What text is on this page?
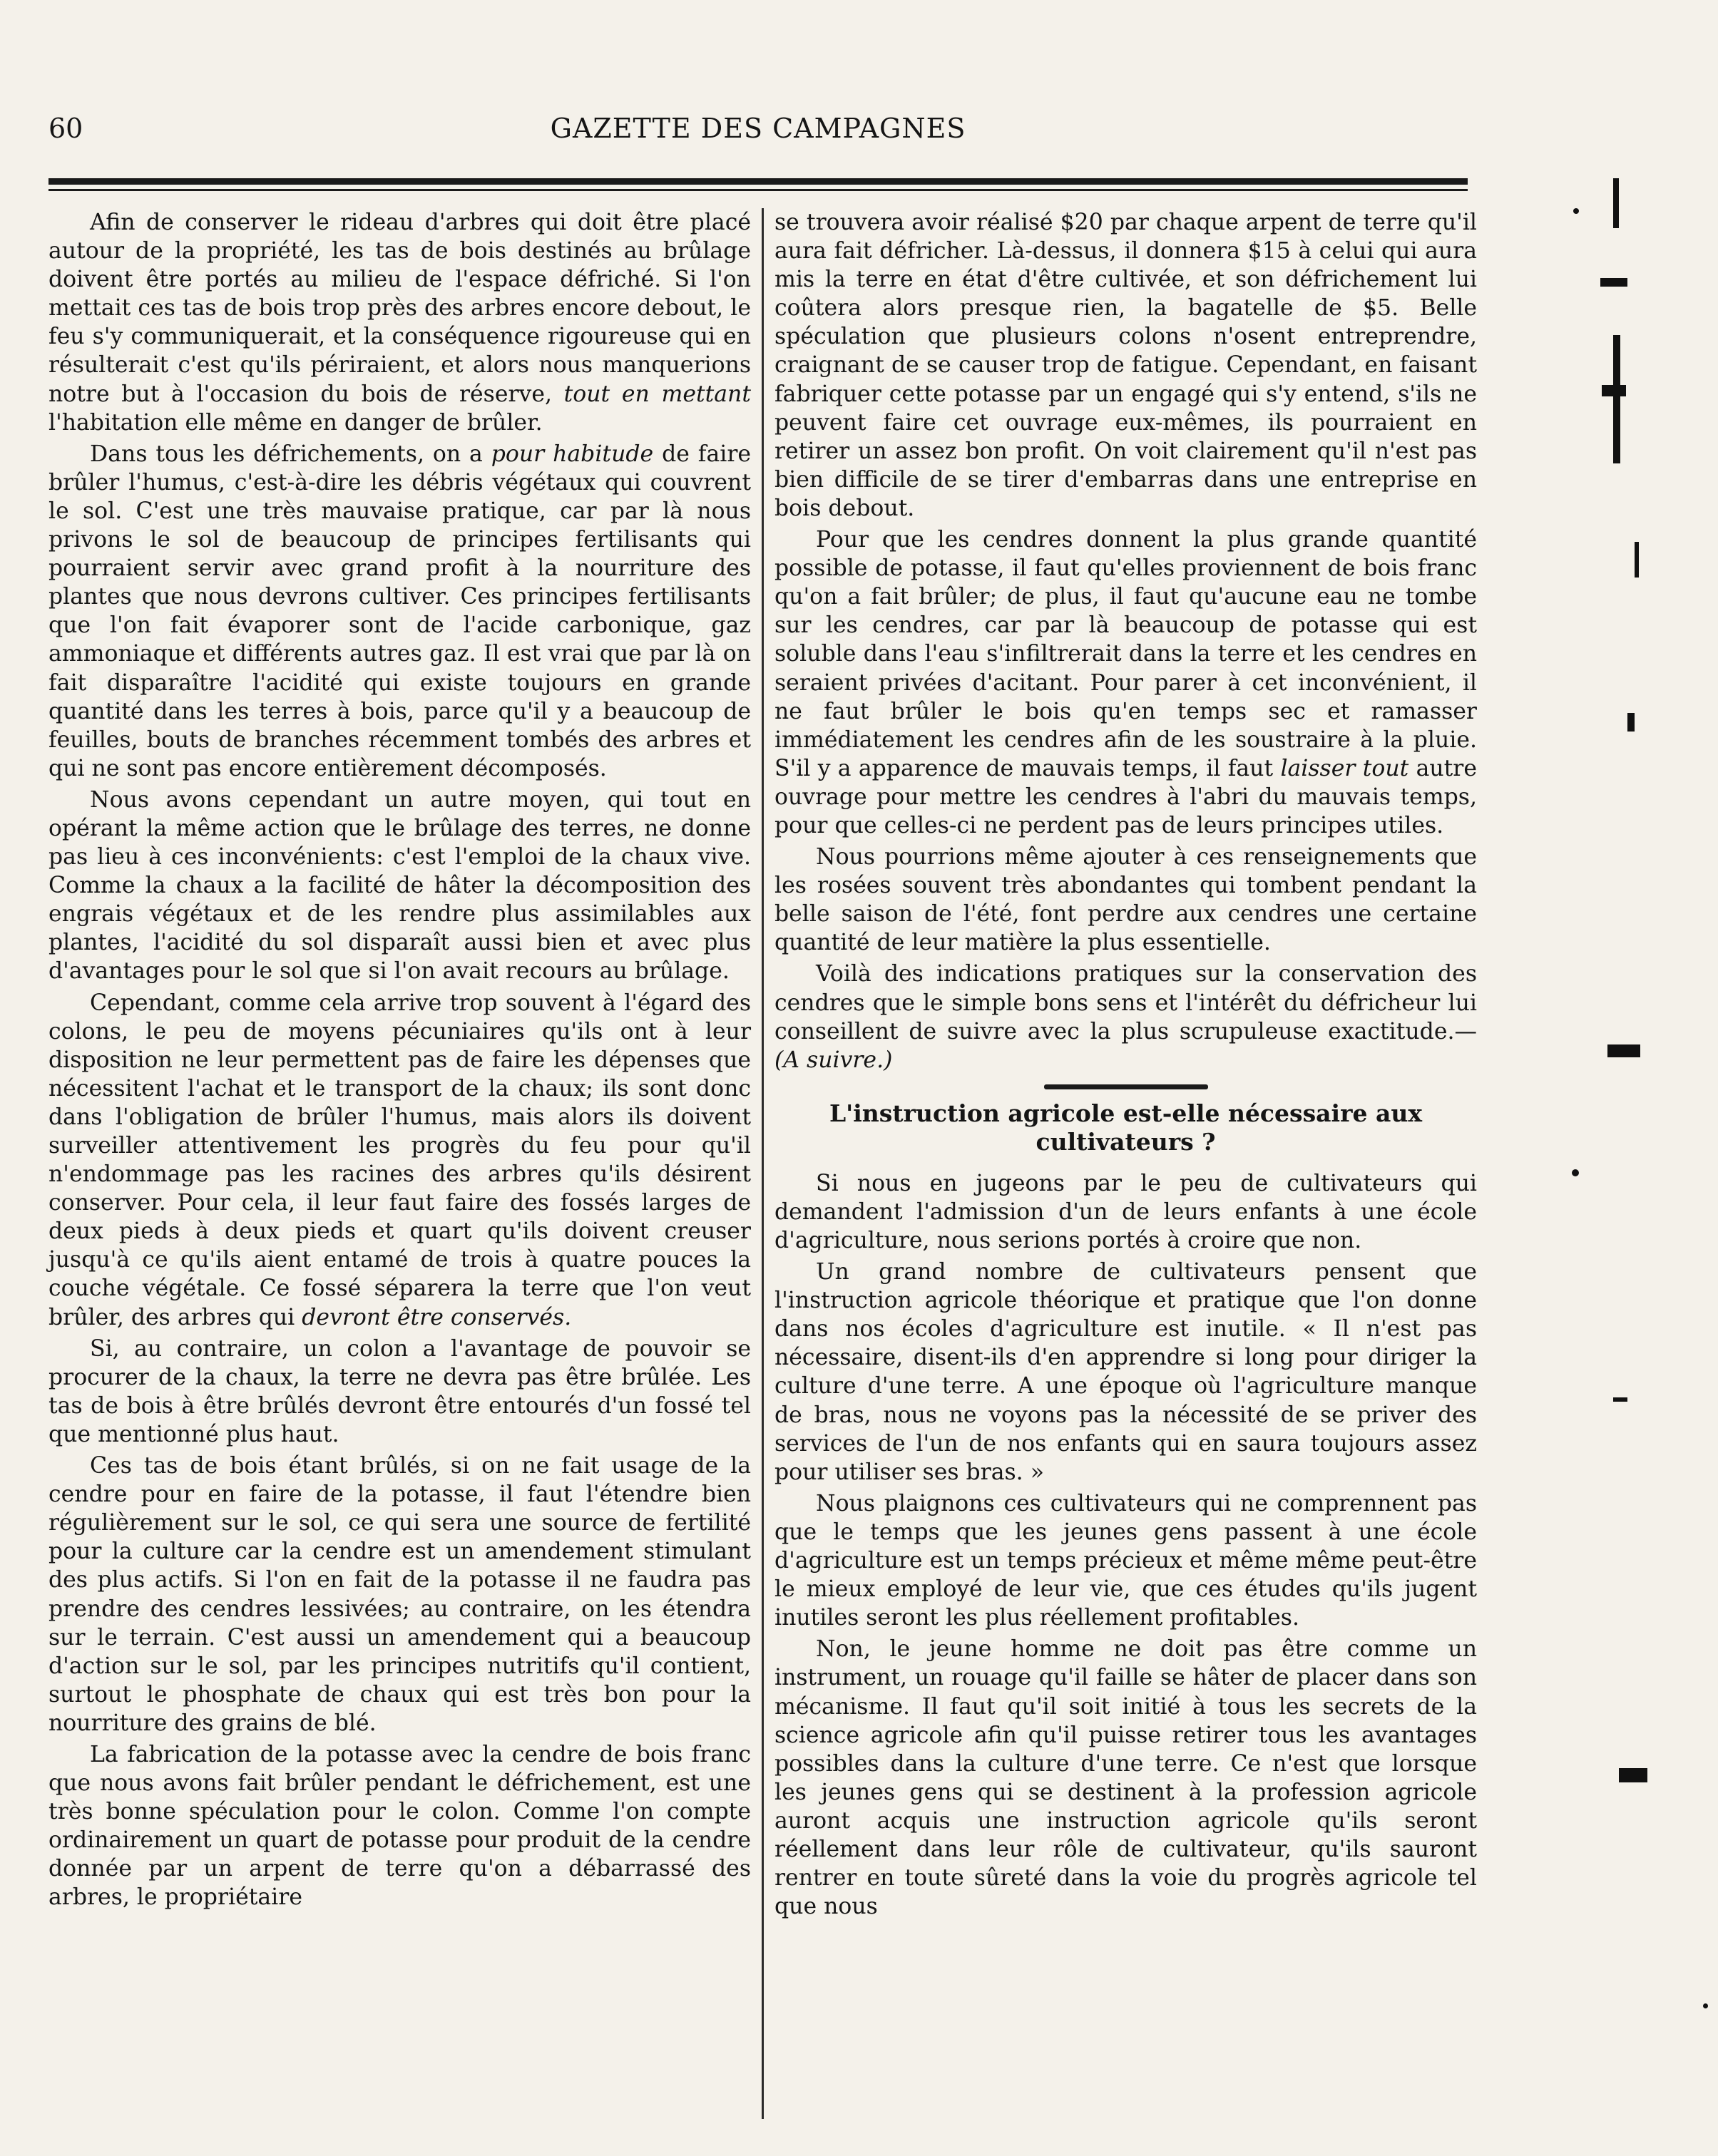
60	GAZETTE DES CAMPAGNES

Afin de conserver le rideau d'arbres qui doit être placé autour de la propriété, les tas de bois destinés au brûlage doivent être portés au milieu de l'espace défriché. Si l'on mettait ces tas de bois trop près des arbres encore debout, le feu s'y communiquerait, et la conséquence rigoureuse qui en résulterait c'est qu'ils périraient, et alors nous manquerions notre but à l'occasion du bois de réserve, tout en mettant l'habitation elle même en danger de brûler.

Dans tous les défrichements, on a pour habitude de faire brûler l'humus, c'est-à-dire les débris végétaux qui couvrent le sol. C'est une très mauvaise pratique, car par là nous privons le sol de beaucoup de principes fertilisants qui pourraient servir avec grand profit à la nourriture des plantes que nous devrons cultiver. Ces principes fertilisants que l'on fait évaporer sont de l'acide carbonique, gaz ammoniaque et différents autres gaz. Il est vrai que par là on fait disparaître l'acidité qui existe toujours en grande quantité dans les terres à bois, parce qu'il y a beaucoup de feuilles, bouts de branches récemment tombés des arbres et qui ne sont pas encore entièrement décomposés.

Nous avons cependant un autre moyen, qui tout en opérant la même action que le brûlage des terres, ne donne pas lieu à ces inconvénients: c'est l'emploi de la chaux vive. Comme la chaux a la facilité de hâter la décomposition des engrais végétaux et de les rendre plus assimilables aux plantes, l'acidité du sol disparaît aussi bien et avec plus d'avantages pour le sol que si l'on avait recours au brûlage.

Cependant, comme cela arrive trop souvent à l'égard des colons, le peu de moyens pécuniaires qu'ils ont à leur disposition ne leur permettent pas de faire les dépenses que nécessitent l'achat et le transport de la chaux; ils sont donc dans l'obligation de brûler l'humus, mais alors ils doivent surveiller attentivement les progrès du feu pour qu'il n'endommage pas les racines des arbres qu'ils désirent conserver. Pour cela, il leur faut faire des fossés larges de deux pieds à deux pieds et quart qu'ils doivent creuser jusqu'à ce qu'ils aient entamé de trois à quatre pouces la couche végétale. Ce fossé séparera la terre que l'on veut brûler, des arbres qui devront être conservés.

Si, au contraire, un colon a l'avantage de pouvoir se procurer de la chaux, la terre ne devra pas être brûlée. Les tas de bois à être brûlés devront être entourés d'un fossé tel que mentionné plus haut.

Ces tas de bois étant brûlés, si on ne fait usage de la cendre pour en faire de la potasse, il faut l'étendre bien régulièrement sur le sol, ce qui sera une source de fertilité pour la culture car la cendre est un amendement stimulant des plus actifs. Si l'on en fait de la potasse il ne faudra pas prendre des cendres lessivées; au contraire, on les étendra sur le terrain. C'est aussi un amendement qui a beaucoup d'action sur le sol, par les principes nutritifs qu'il contient, surtout le phosphate de chaux qui est très bon pour la nourriture des grains de blé.

La fabrication de la potasse avec la cendre de bois franc que nous avons fait brûler pendant le défrichement, est une très bonne spéculation pour le colon. Comme l'on compte ordinairement un quart de potasse pour produit de la cendre donnée par un arpent de terre qu'on a débarrassé des arbres, le propriétaire

se trouvera avoir réalisé $20 par chaque arpent de terre qu'il aura fait défricher. Là-dessus, il donnera $15 à celui qui aura mis la terre en état d'être cultivée, et son défrichement lui coûtera alors presque rien, la bagatelle de $5. Belle spéculation que plusieurs colons n'osent entreprendre, craignant de se causer trop de fatigue. Cependant, en faisant fabriquer cette potasse par un engagé qui s'y entend, s'ils ne peuvent faire cet ouvrage eux-mêmes, ils pourraient en retirer un assez bon profit. On voit clairement qu'il n'est pas bien difficile de se tirer d'embarras dans une entreprise en bois debout.

Pour que les cendres donnent la plus grande quantité possible de potasse, il faut qu'elles proviennent de bois franc qu'on a fait brûler; de plus, il faut qu'aucune eau ne tombe sur les cendres, car par là beaucoup de potasse qui est soluble dans l'eau s'infiltrerait dans la terre et les cendres en seraient privées d'acitant. Pour parer à cet inconvénient, il ne faut brûler le bois qu'en temps sec et ramasser immédiatement les cendres afin de les soustraire à la pluie. S'il y a apparence de mauvais temps, il faut laisser tout autre ouvrage pour mettre les cendres à l'abri du mauvais temps, pour que celles-ci ne perdent pas de leurs principes utiles.

Nous pourrions même ajouter à ces renseignements que les rosées souvent très abondantes qui tombent pendant la belle saison de l'été, font perdre aux cendres une certaine quantité de leur matière la plus essentielle.

Voilà des indications pratiques sur la conservation des cendres que le simple bons sens et l'intérêt du défricheur lui conseillent de suivre avec la plus scrupuleuse exactitude.—(A suivre.)

L'instruction agricole est-elle nécessaire aux cultivateurs ?

Si nous en jugeons par le peu de cultivateurs qui demandent l'admission d'un de leurs enfants à une école d'agriculture, nous serions portés à croire que non.

Un grand nombre de cultivateurs pensent que l'instruction agricole théorique et pratique que l'on donne dans nos écoles d'agriculture est inutile. « Il n'est pas nécessaire, disent-ils d'en apprendre si long pour diriger la culture d'une terre. A une époque où l'agriculture manque de bras, nous ne voyons pas la nécessité de se priver des services de l'un de nos enfants qui en saura toujours assez pour utiliser ses bras. »

Nous plaignons ces cultivateurs qui ne comprennent pas que le temps que les jeunes gens passent à une école d'agriculture est un temps précieux et même même peut-être le mieux employé de leur vie, que ces études qu'ils jugent inutiles seront les plus réellement profitables.

Non, le jeune homme ne doit pas être comme un instrument, un rouage qu'il faille se hâter de placer dans son mécanisme. Il faut qu'il soit initié à tous les secrets de la science agricole afin qu'il puisse retirer tous les avantages possibles dans la culture d'une terre. Ce n'est que lorsque les jeunes gens qui se destinent à la profession agricole auront acquis une instruction agricole qu'ils seront réellement dans leur rôle de cultivateur, qu'ils sauront rentrer en toute sûreté dans la voie du progrès agricole tel que nous
